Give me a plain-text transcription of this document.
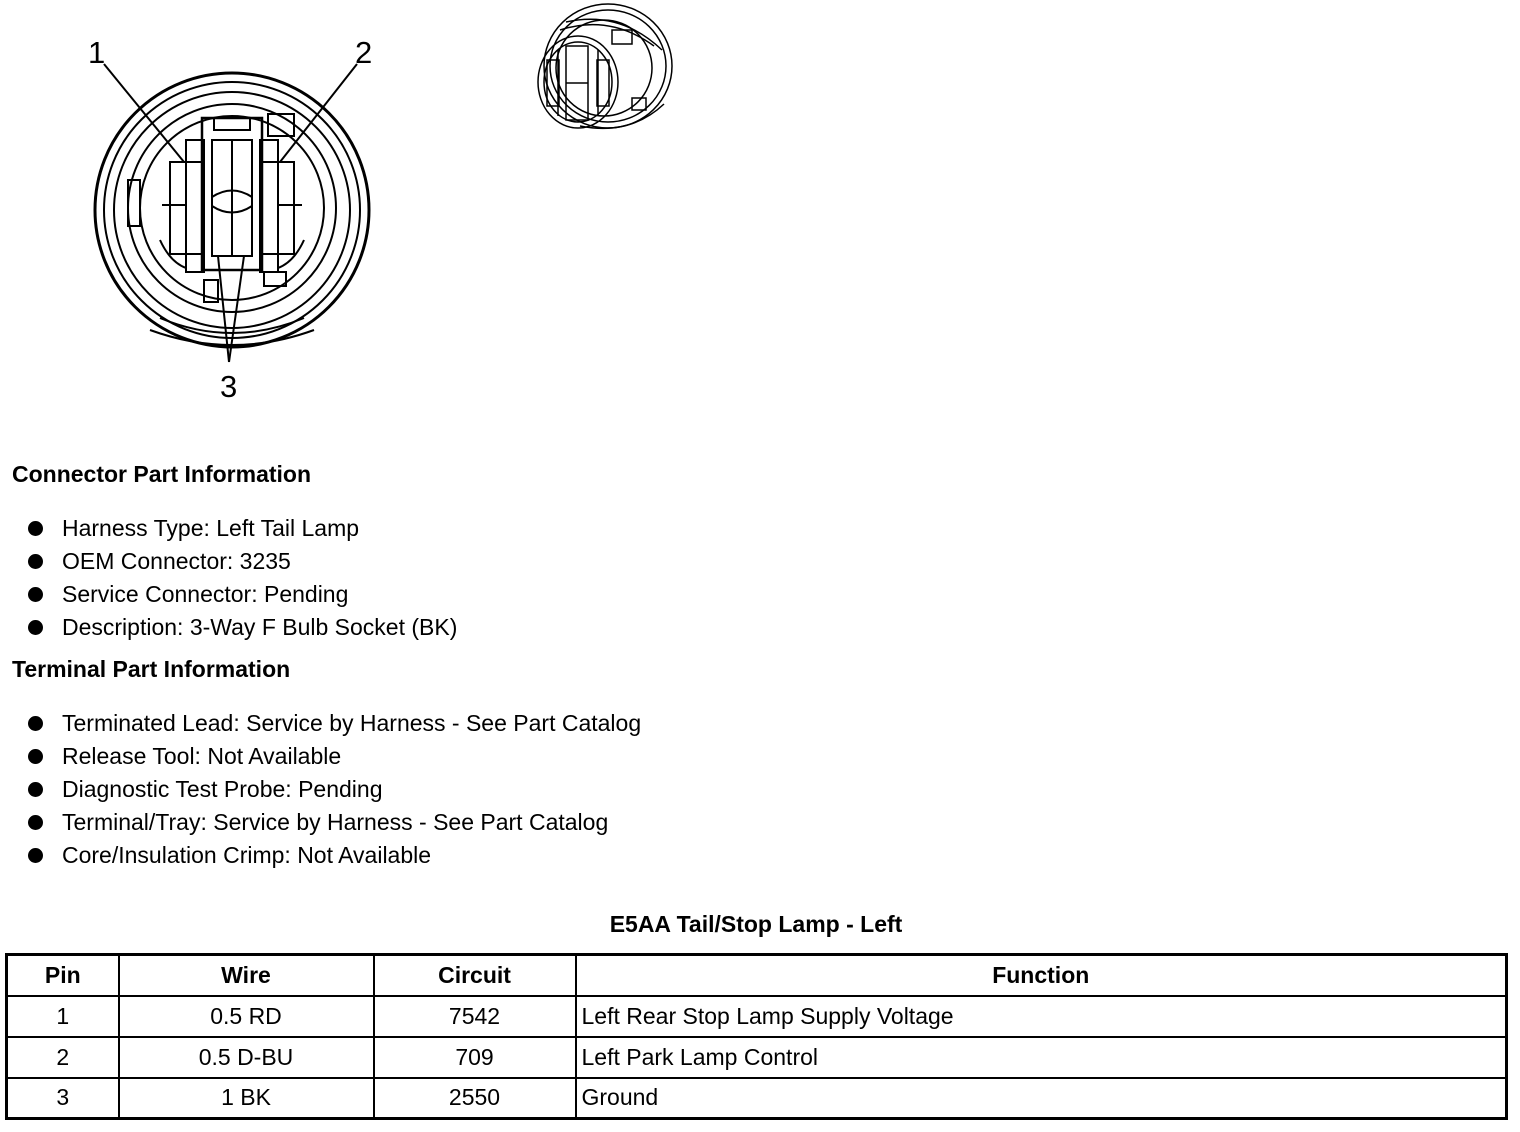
1	2
3
Connector Part Information
Harness Type: Left Tail Lamp
OEM Connector: 3235
Service Connector: Pending
Description: 3-Way F Bulb Socket (BK)
Terminal Part Information
Terminated Lead: Service by Harness - See Part Catalog
Release Tool: Not Available
Diagnostic Test Probe: Pending
Terminal/Tray: Service by Harness - See Part Catalog
Core/Insulation Crimp: Not Available
E5AA Tail/Stop Lamp - Left
Pin	Wire	Circuit	Function
1	0.5 RD	7542	Left Rear Stop Lamp Supply Voltage
2	0.5 D-BU	709	Left Park Lamp Control
3	1 BK	2550	Ground
